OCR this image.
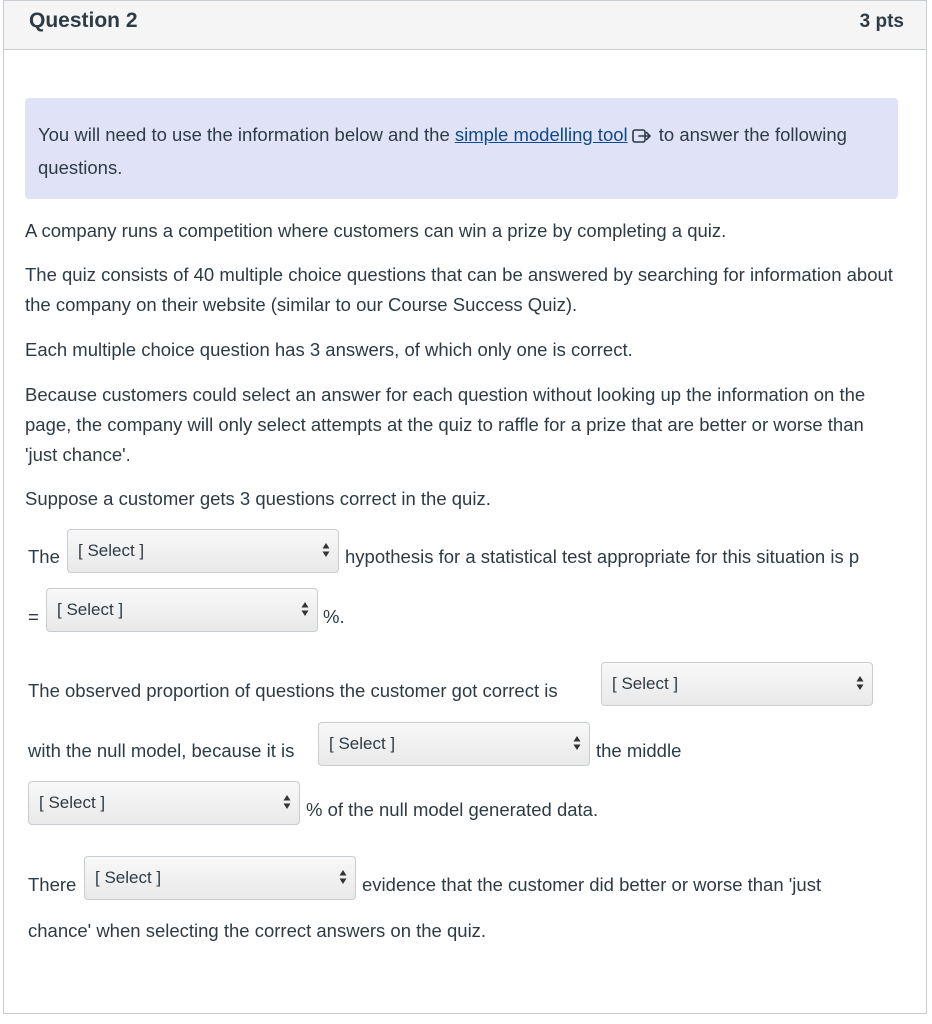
Question 2	3 pts
You will need to use the information below and the simple modelling tool to answer the following questions.

A company runs a competition where customers can win a prize by completing a quiz.

The quiz consists of 40 multiple choice questions that can be answered by searching for information about the company on their website (similar to our Course Success Quiz).

Each multiple choice question has 3 answers, of which only one is correct.

Because customers could select an answer for each question without looking up the information on the page, the company will only select attempts at the quiz to raffle for a prize that are better or worse than 'just chance'.

Suppose a customer gets 3 questions correct in the quiz.

The	[ Select ]	hypothesis for a statistical test appropriate for this situation is p
=	[ Select ]	%.
The observed proportion of questions the customer got correct is	[ Select ]
with the null model, because it is	[ Select ]	the middle
[ Select ]	% of the null model generated data.
There	[ Select ]	evidence that the customer did better or worse than 'just
chance' when selecting the correct answers on the quiz.
